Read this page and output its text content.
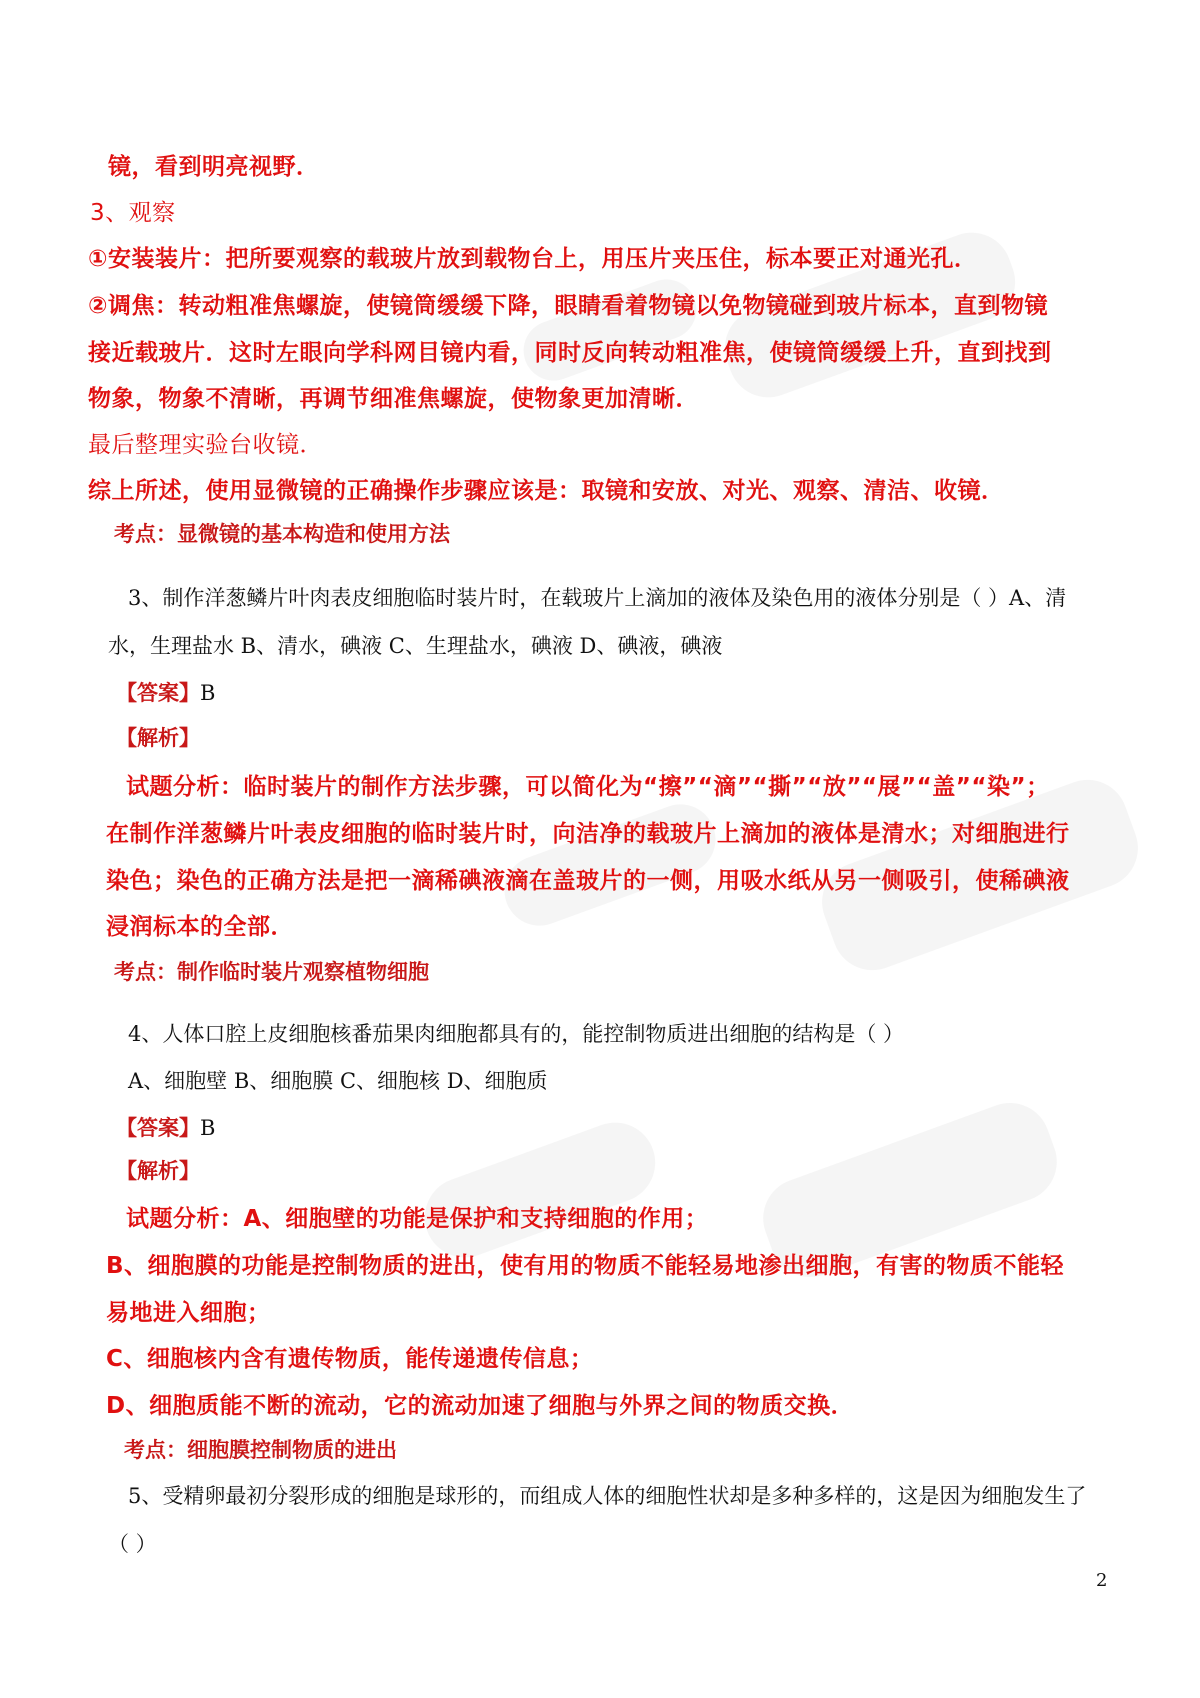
镜，看到明亮视野．
3、观察
①安装装片：把所要观察的载玻片放到载物台上，用压片夹压住，标本要正对通光孔．
②调焦：转动粗准焦螺旋，使镜筒缓缓下降，眼睛看着物镜以免物镜碰到玻片标本，直到物镜
接近载玻片．这时左眼向学科网目镜内看，同时反向转动粗准焦，使镜筒缓缓上升，直到找到
物象，物象不清晰，再调节细准焦螺旋，使物象更加清晰．
最后整理实验台收镜．
综上所述，使用显微镜的正确操作步骤应该是：取镜和安放、对光、观察、清洁、收镜．
考点：显微镜的基本构造和使用方法
3、制作洋葱鳞片叶肉表皮细胞临时装片时，在载玻片上滴加的液体及染色用的液体分别是（ ）A、清
水，生理盐水 B、清水，碘液 C、生理盐水，碘液 D、碘液，碘液
【答案】B
【解析】
试题分析：临时装片的制作方法步骤，可以简化为“擦”“滴”“撕”“放”“展”“盖”“染”；
在制作洋葱鳞片叶表皮细胞的临时装片时，向洁净的载玻片上滴加的液体是清水；对细胞进行
染色；染色的正确方法是把一滴稀碘液滴在盖玻片的一侧，用吸水纸从另一侧吸引，使稀碘液
浸润标本的全部．
考点：制作临时装片观察植物细胞
4、人体口腔上皮细胞核番茄果肉细胞都具有的，能控制物质进出细胞的结构是（ ）
A、细胞壁 B、细胞膜 C、细胞核 D、细胞质
【答案】B
【解析】
试题分析：A、细胞壁的功能是保护和支持细胞的作用；
B、细胞膜的功能是控制物质的进出，使有用的物质不能轻易地渗出细胞，有害的物质不能轻
易地进入细胞；
C、细胞核内含有遗传物质，能传递遗传信息；
D、细胞质能不断的流动，它的流动加速了细胞与外界之间的物质交换．
考点：细胞膜控制物质的进出
5、受精卵最初分裂形成的细胞是球形的，而组成人体的细胞性状却是多种多样的，这是因为细胞发生了
（ ）
2
